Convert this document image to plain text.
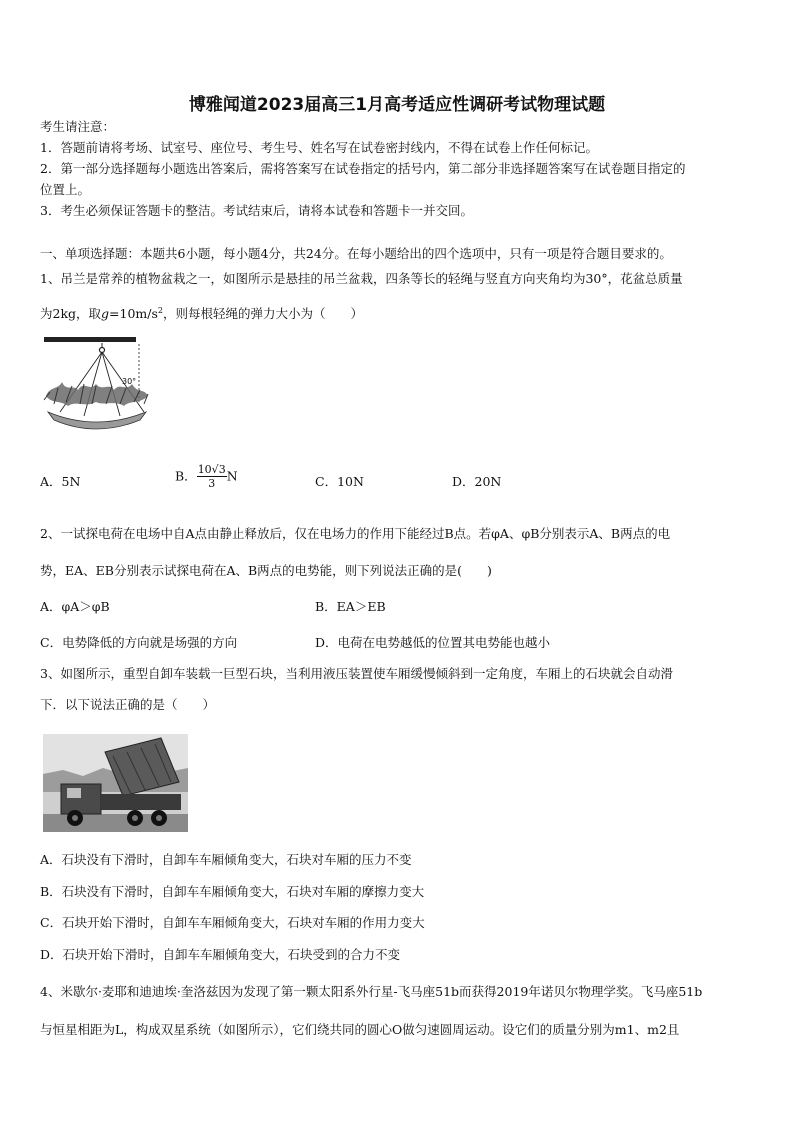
博雅闻道2023届高三1月高考适应性调研考试物理试题
考生请注意：
1．答题前请将考场、试室号、座位号、考生号、姓名写在试卷密封线内，不得在试卷上作任何标记。
2．第一部分选择题每小题选出答案后，需将答案写在试卷指定的括号内，第二部分非选择题答案写在试卷题目指定的
位置上。
3．考生必须保证答题卡的整洁。考试结束后，请将本试卷和答题卡一并交回。
一、单项选择题：本题共6小题，每小题4分，共24分。在每小题给出的四个选项中，只有一项是符合题目要求的。
1、吊兰是常养的植物盆栽之一，如图所示是悬挂的吊兰盆栽，四条等长的轻绳与竖直方向夹角均为30°，花盆总质量
为2kg，取$g=10m/s^2$，则每根轻绳的弹力大小为（　　）
30°
A．5N	B． $\frac{10√3}{3}$ N	C．10N	D．20N
2、一试探电荷在电场中自A点由静止释放后，仅在电场力的作用下能经过B点。若φA、φB分别表示A、B两点的电
势，EA、EB分别表示试探电荷在A、B两点的电势能，则下列说法正确的是(　　)
A．φA＞φB	B．EA＞EB
C．电势降低的方向就是场强的方向	D．电荷在电势越低的位置其电势能也越小
3、如图所示，重型自卸车装载一巨型石块，当利用液压装置使车厢缓慢倾斜到一定角度，车厢上的石块就会自动滑
下．以下说法正确的是（　　）
A．石块没有下滑时，自卸车车厢倾角变大，石块对车厢的压力不变
B．石块没有下滑时，自卸车车厢倾角变大，石块对车厢的摩擦力变大
C．石块开始下滑时，自卸车车厢倾角变大，石块对车厢的作用力变大
D．石块开始下滑时，自卸车车厢倾角变大，石块受到的合力不变
4、米歇尔·麦耶和迪迪埃·奎洛兹因为发现了第一颗太阳系外行星-飞马座51b而获得2019年诺贝尔物理学奖。飞马座51b
与恒星相距为L，构成双星系统（如图所示），它们绕共同的圆心O做匀速圆周运动。设它们的质量分别为m1、m2且
